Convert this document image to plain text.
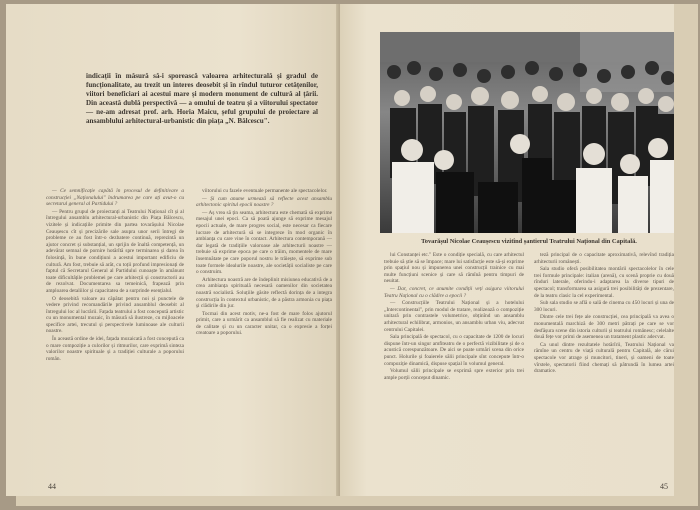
indicații în măsură să-i sporească valoarea arhitecturală și gradul de funcționalitate, au trezit un interes deosebit și în rîndul tuturor cetățenilor, viitori beneficiari ai acestui mare și modern monument de cultură al țării. Din această dublă perspectivă — a omului de teatru și a viitorului spectator — ne-am adresat prof. arh. Horia Maicu, șeful grupului de proiectare al ansamblului arhitectural-urbanistic din piața „N. Bălcescu".

— Ce semnificație capătă în procesul de definitivare a construcției „Naționalului" îndrumarea pe care ați avut-o cu secretarul general al Partidului ?

— Pentru grupul de proiectanți ai Teatrului Național cît și al întregului ansamblu arhitectural-urbanistic din Piața Bălcescu, vizitele și indicațiile primite din partea tovarășului Nicolae Ceaușescu cît și precizările sale asupra unor serii întregi de probleme ce au fost într-o dezbatere continuă, reprezintă un ajutor concret și substanțial, un sprijin de înaltă competență, un adevărat semnal de pornire hotărîtă spre terminarea și darea în folosință, în bune condițiuni a acestui important edificiu de cultură. Am fost, trebuie să arăt, cu toții profund impresionați de faptul că Secretarul General al Partidului cunoaște în amănunt toate dificultățile problemei pe care arhitecții și constructorii au de rezolvat. Documentarea sa temeinică, frapează prin amploarea detaliilor și capacitatea de a surprinde esențialul.

O deosebită valoare au căpătat pentru noi și punctele de vedere privind recomandările privind ansamblul deosebit al întregului loc al lucrării. Fațada teatrului a fost concepută artistic cu un monumental mozaic, în măsură să ilustreze, cu mijloacele specifice artei, trecutul și perspectivele luminoase ale culturii noastre.

În această ordine de idei, fațada mozaicată a fost concepută ca o mare compoziție a culorilor și ritmurilor, care exprimă sinteza valorilor noastre spirituale și a tradiției culturale a poporului român.

viitorului cu fazele eventuale permanente ale spectacolelor.

— Și cum anume urmează să reflecte acest ansamblu arhitectonic spiritul epocii noastre ?

— Aș vrea să țin seama, arhitectura este chemată să exprime mesajul unei epoci. Ca să poată ajunge să exprime mesajul epocii actuale, de mare progres social, este necesar ca fiecare lucrare de arhitectură să se integreze în mod organic în ambianța cu care vine în contact. Arhitectura contemporană — dar legată de tradițiile valoroase ale arhitecturii noastre — trebuie să exprime epoca pe care o trăim, momentele de mare însemnătate pe care poporul nostru le trăiește, să exprime sub toate formele idealurile noastre, ale societății socialiste pe care o construim.

Arhitectura noastră are de îndeplinit misiunea educativă de a crea ambianța spirituală necesară oamenilor din societatea noastră socialistă. Soluțiile găsite reflectă dorința de a integra construcția în contextul urbanistic, de a păstra armonia cu piața și clădirile din jur.

Tocmai din acest motiv, ne-a fost de mare folos ajutorul primit, care a urmărit ca ansamblul să fie realizat cu materiale de calitate și cu un caracter unitar, ca o expresie a forței creatoare a poporului.

44
Tovarășul Nicolae Ceaușescu vizitînd șantierul Teatrului Național din Capitală.

lui Constanței etc." Este o condiție specială, cu care arhitectul trebuie să știe să se împace; mare lui satisfacție este să-și exprime prin spațiul nou și impunerea unei construcții trainice cu mai multe funcțiuni scenice și care să rămînă pentru timpuri de neuitat.

— Dar, concret, ce anumite condiții veți asigura viitorului Teatru Național cu o clădire a epocii ?

— Construcțiile Teatrului Național și a hotelului „Intercontinental", prin modul de tratare, realizează o compoziție unitară prin contrastele volumetrice, obținînd un ansamblu arhitectural echilibrat, armonios, un ansamblu urban viu, adecvat centrului Capitalei.

Sala principală de spectacol, cu o capacitate de 1200 de locuri dispune într-un singur amfiteatru de o perfectă vizibilitate și de o acustică corespunzătoare. De aici se poate urmări scena din orice punct. Holurile și foaierele sălii principale sînt concepute într-o compoziție dinamică, dispuse spațial în volumul general.

Volumul sălii principale se exprimă spre exterior prin trei ample porții conceput dinamic.

teză principal de o capacitate aproximativă, relevînd tradiția arhitecturii românești.

Sala studio oferă posibilitatea montării spectacolelor în cele trei formule principale: italian (arenă), cu scenă proprie cu două rînduri laterale, oferindu-i adaptarea la diverse tipuri de spectacol; transformarea sa asigură trei posibilități de prezentare, de la teatru clasic la cel experimental.

Sub sala studio se află o sală de cinema cu 450 locuri și una de 300 locuri.

Dintre cele trei fețe ale construcției, cea principală va avea o monumentală marchiză de 300 metri pătrați pe care se vor desfășura scene din istoria culturii și teatrului românesc; celelalte două fețe vor primi de asemenea un tratament plastic adecvat.

Ca unul dintre rezultatele hotărîrii, Teatrului Național va rămîne un centru de viață culturală pentru Capitală, ale cărui spectacole vor atrage și muncitori, tineri, și oameni de toate vîrstele, spectatorii fiind chemați să pătrundă în lumea artei dramatice.

45
